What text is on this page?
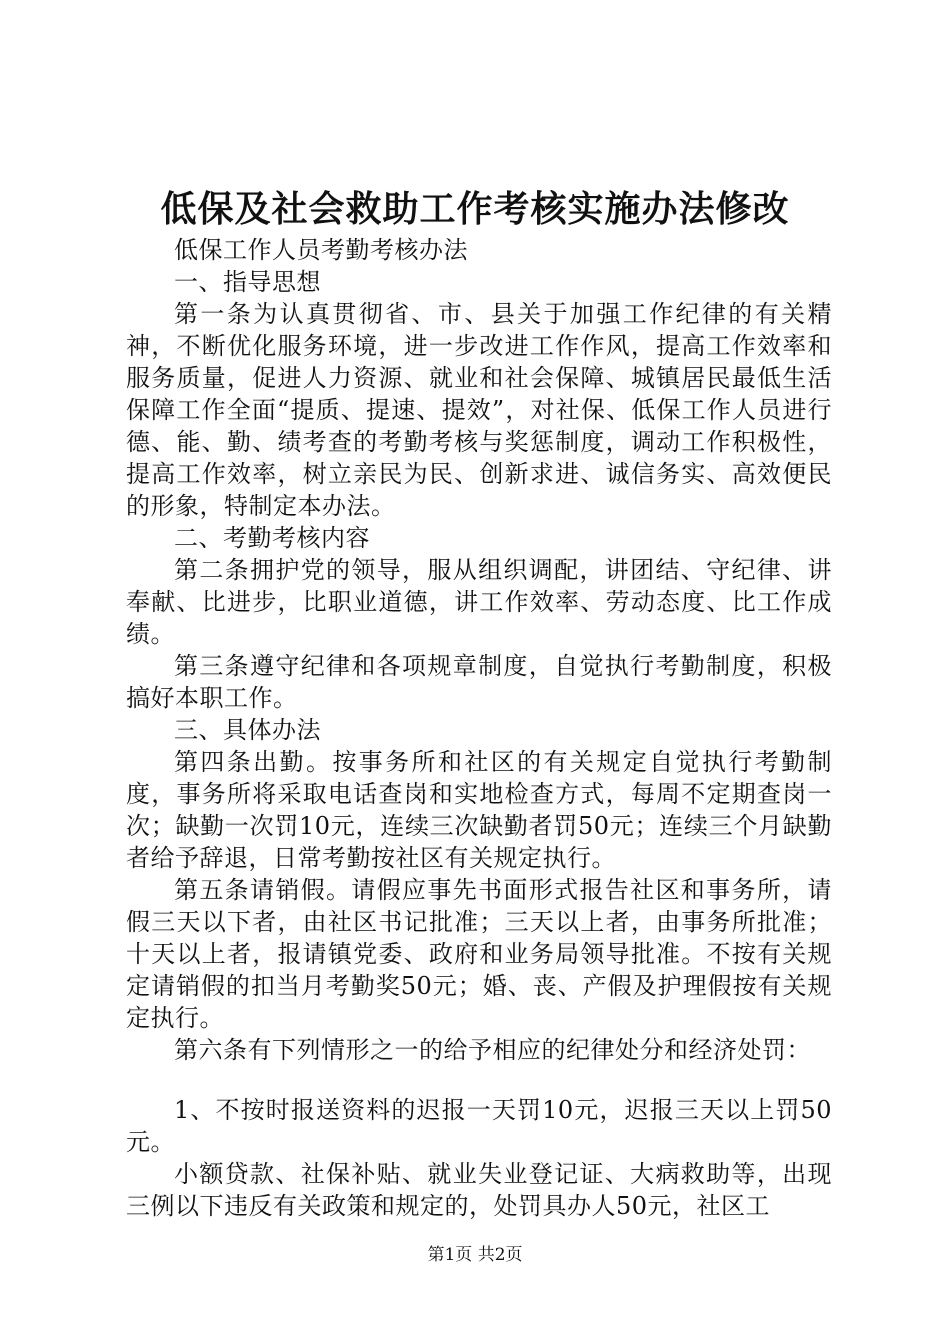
低保及社会救助工作考核实施办法修改

低保工作人员考勤考核办法

一、指导思想

第一条为认真贯彻省、市、县关于加强工作纪律的有关精神，不断优化服务环境，进一步改进工作作风，提高工作效率和服务质量，促进人力资源、就业和社会保障、城镇居民最低生活保障工作全面“提质、提速、提效”，对社保、低保工作人员进行德、能、勤、绩考查的考勤考核与奖惩制度，调动工作积极性，提高工作效率，树立亲民为民、创新求进、诚信务实、高效便民的形象，特制定本办法。

二、考勤考核内容

第二条拥护党的领导，服从组织调配，讲团结、守纪律、讲奉献、比进步，比职业道德，讲工作效率、劳动态度、比工作成绩。

第三条遵守纪律和各项规章制度，自觉执行考勤制度，积极搞好本职工作。

三、具体办法

第四条出勤。按事务所和社区的有关规定自觉执行考勤制度，事务所将采取电话查岗和实地检查方式，每周不定期查岗一次；缺勤一次罚10元，连续三次缺勤者罚50元；连续三个月缺勤者给予辞退，日常考勤按社区有关规定执行。

第五条请销假。请假应事先书面形式报告社区和事务所，请假三天以下者，由社区书记批准；三天以上者，由事务所批准；十天以上者，报请镇党委、政府和业务局领导批准。不按有关规定请销假的扣当月考勤奖50元；婚、丧、产假及护理假按有关规定执行。

第六条有下列情形之一的给予相应的纪律处分和经济处罚：

1、不按时报送资料的迟报一天罚10元，迟报三天以上罚50元。

小额贷款、社保补贴、就业失业登记证、大病救助等，出现三例以下违反有关政策和规定的，处罚具办人50元，社区工

第1页 共2页
